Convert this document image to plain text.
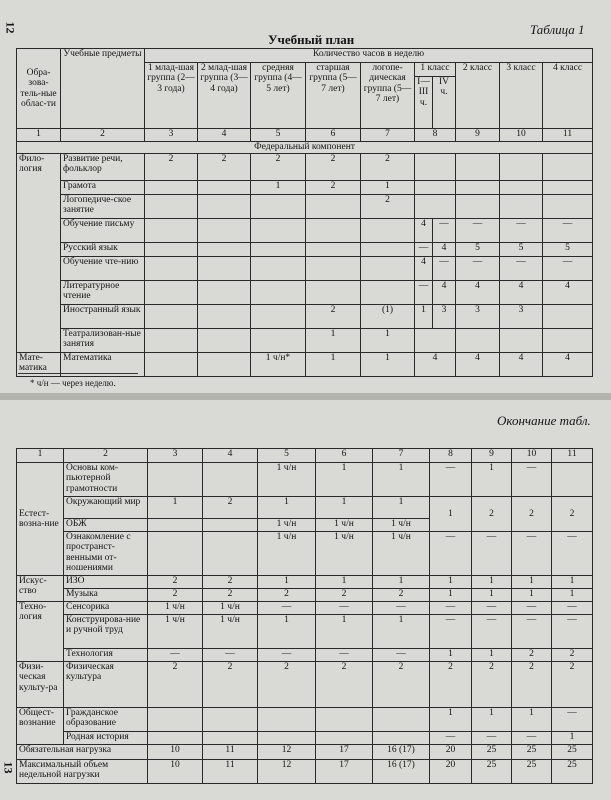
12	Таблица 1
Учебный план
Обра-зова-тель-ные облас-ти	Учебные предметы	Количество часов в неделю									
		1 млад-шая группа (2—3 года)	2 млад-шая группа (3—4 года)	средняя группа (4—5 лет)	старшая группа (5—7 лет)	логопе-дическая группа (5—7 лет)	1 класс		2 класс	3 класс	4 класс
							I—III ч.	IV ч.			
1	2	3	4	5	6	7	8		9	10	11
Федеральный компонент											
Фило-логия	Развитие речи, фольклор	2	2	2	2	2					
	Грамота			1	2	1					
	Логопедиче-ское занятие					2					
	Обучение письму						4	—	—	—	—
	Русский язык						—	4	5	5	5
	Обучение чте-нию						4	—	—	—	—
	Литературное чтение						—	4	4	4	4
	Иностранный язык				2	(1)	1	3	3	3	
	Театрализован-ные занятия				1	1					
Мате-матика	Математика			1 ч/н*	1	1	4		4	4	4
* ч/н — через неделю.
Окончание табл.
13
1	2	3	4	5	6	7	8	9	10	11
Естест-возна-ние	Основы ком-пьютерной грамотности			1 ч/н	1	1	—	1	—	
	Окружающий мир	1	2	1	1	1	1	2	2	2
	ОБЖ			1 ч/н	1 ч/н	1 ч/н				
	Ознакомление с пространст-венными от-ношениями			1 ч/н	1 ч/н	1 ч/н	—	—	—	—
Искус-ство	ИЗО	2	2	1	1	1	1	1	1	1
	Музыка	2	2	2	2	2	1	1	1	1
Техно-логия	Сенсорика	1 ч/н	1 ч/н	—	—	—	—	—	—	—
	Конструирова-ние и ручной труд	1 ч/н	1 ч/н	1	1	1	—	—	—	—
	Технология	—	—	—	—	—	1	1	2	2
Физи-ческая культу-ра	Физическая культура	2	2	2	2	2	2	2	2	2
Общест-вознание	Гражданское образование						1	1	1	—
	Родная история						—	—	—	1
Обязательная нагрузка		10	11	12	17	16 (17)	20	25	25	25
Максимальный объем недельной нагрузки		10	11	12	17	16 (17)	20	25	25	25
